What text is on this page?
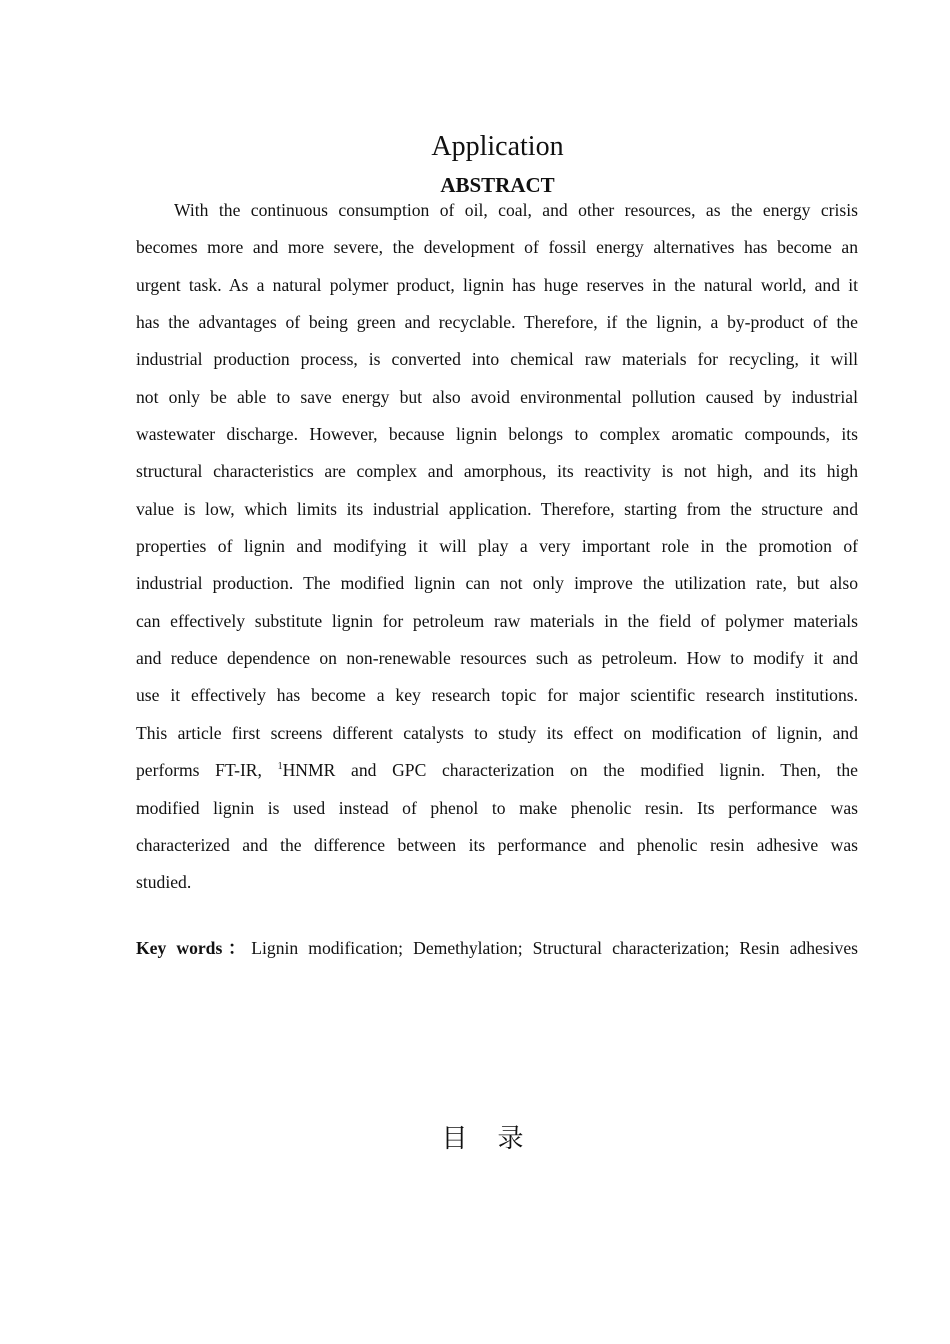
Application
ABSTRACT
With the continuous consumption of oil, coal, and other resources, as the energy crisis
becomes more and more severe, the development of fossil energy alternatives has become an
urgent task. As a natural polymer product, lignin has huge reserves in the natural world, and it
has the advantages of being green and recyclable. Therefore, if the lignin, a by-product of the
industrial production process, is converted into chemical raw materials for recycling, it will
not only be able to save energy but also avoid environmental pollution caused by industrial
wastewater discharge. However, because lignin belongs to complex aromatic compounds, its
structural characteristics are complex and amorphous, its reactivity is not high, and its high
value is low, which limits its industrial application. Therefore, starting from the structure and
properties of lignin and modifying it will play a very important role in the promotion of
industrial production. The modified lignin can not only improve the utilization rate, but also
can effectively substitute lignin for petroleum raw materials in the field of polymer materials
and reduce dependence on non-renewable resources such as petroleum. How to modify it and
use it effectively has become a key research topic for major scientific research institutions.
This article first screens different catalysts to study its effect on modification of lignin, and
performs FT-IR, $^1$HNMR and GPC characterization on the modified lignin. Then, the
modified lignin is used instead of phenol to make phenolic resin. Its performance was
characterized and the difference between its performance and phenolic resin adhesive was
studied.
Key words：Lignin modification; Demethylation; Structural characterization; Resin adhesives
目录
